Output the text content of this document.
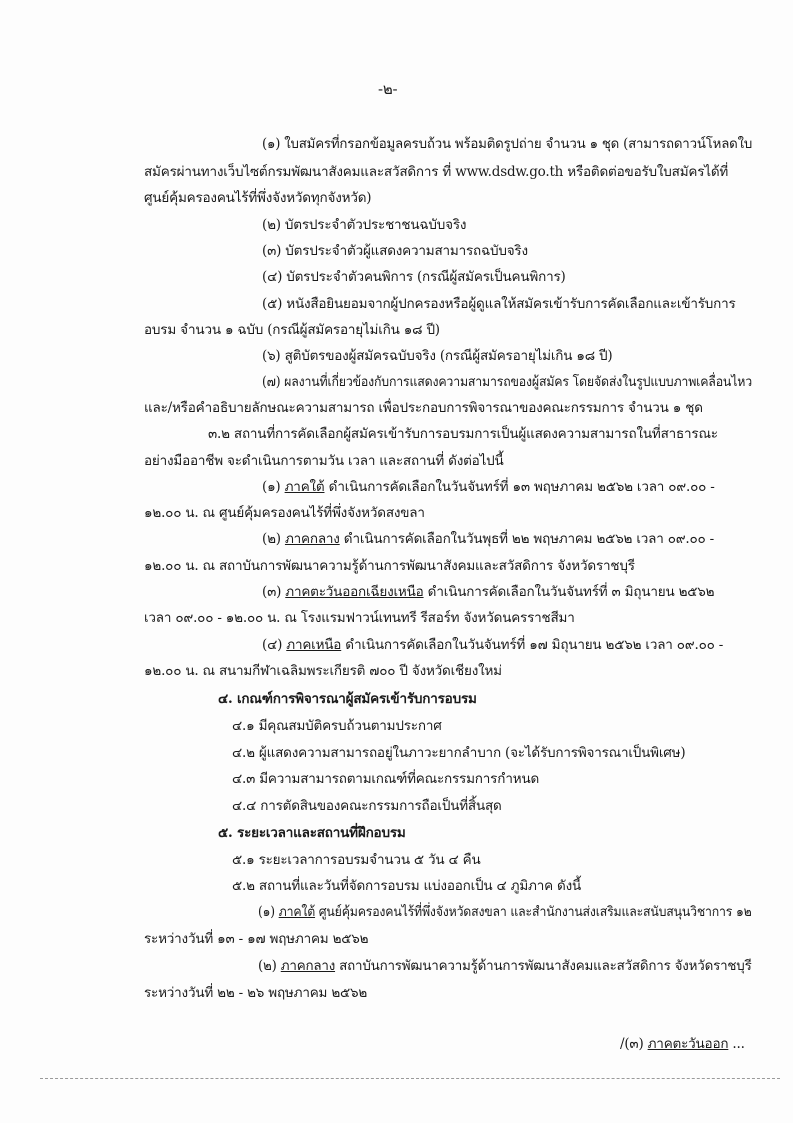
-๒-
(๑) ใบสมัครที่กรอกข้อมูลครบถ้วน พร้อมติดรูปถ่าย จำนวน ๑ ชุด (สามารถดาวน์โหลดใบ
สมัครผ่านทางเว็บไซต์กรมพัฒนาสังคมและสวัสดิการ ที่ www.dsdw.go.th หรือติดต่อขอรับใบสมัครได้ที่
ศูนย์คุ้มครองคนไร้ที่พึ่งจังหวัดทุกจังหวัด)
(๒) บัตรประจำตัวประชาชนฉบับจริง
(๓) บัตรประจำตัวผู้แสดงความสามารถฉบับจริง
(๔) บัตรประจำตัวคนพิการ (กรณีผู้สมัครเป็นคนพิการ)
(๕) หนังสือยินยอมจากผู้ปกครองหรือผู้ดูแลให้สมัครเข้ารับการคัดเลือกและเข้ารับการ
อบรม จำนวน ๑ ฉบับ (กรณีผู้สมัครอายุไม่เกิน ๑๘ ปี)
(๖) สูติบัตรของผู้สมัครฉบับจริง (กรณีผู้สมัครอายุไม่เกิน ๑๘ ปี)
(๗) ผลงานที่เกี่ยวข้องกับการแสดงความสามารถของผู้สมัคร โดยจัดส่งในรูปแบบภาพเคลื่อนไหว
และ/หรือคำอธิบายลักษณะความสามารถ เพื่อประกอบการพิจารณาของคณะกรรมการ จำนวน ๑ ชุด
๓.๒ สถานที่การคัดเลือกผู้สมัครเข้ารับการอบรมการเป็นผู้แสดงความสามารถในที่สาธารณะ
อย่างมืออาชีพ จะดำเนินการตามวัน เวลา และสถานที่ ดังต่อไปนี้
(๑) ภาคใต้ ดำเนินการคัดเลือกในวันจันทร์ที่ ๑๓ พฤษภาคม ๒๕๖๒ เวลา ๐๙.๐๐ -
๑๒.๐๐ น. ณ ศูนย์คุ้มครองคนไร้ที่พึ่งจังหวัดสงขลา
(๒) ภาคกลาง ดำเนินการคัดเลือกในวันพุธที่ ๒๒ พฤษภาคม ๒๕๖๒ เวลา ๐๙.๐๐ -
๑๒.๐๐ น. ณ สถาบันการพัฒนาความรู้ด้านการพัฒนาสังคมและสวัสดิการ จังหวัดราชบุรี
(๓) ภาคตะวันออกเฉียงเหนือ ดำเนินการคัดเลือกในวันจันทร์ที่ ๓ มิถุนายน ๒๕๖๒
เวลา ๐๙.๐๐ - ๑๒.๐๐ น. ณ โรงแรมฟาวน์เทนทรี รีสอร์ท จังหวัดนครราชสีมา
(๔) ภาคเหนือ ดำเนินการคัดเลือกในวันจันทร์ที่ ๑๗ มิถุนายน ๒๕๖๒ เวลา ๐๙.๐๐ -
๑๒.๐๐ น. ณ สนามกีฬาเฉลิมพระเกียรติ ๗๐๐ ปี จังหวัดเชียงใหม่
๔. เกณฑ์การพิจารณาผู้สมัครเข้ารับการอบรม
๔.๑ มีคุณสมบัติครบถ้วนตามประกาศ
๔.๒ ผู้แสดงความสามารถอยู่ในภาวะยากลำบาก (จะได้รับการพิจารณาเป็นพิเศษ)
๔.๓ มีความสามารถตามเกณฑ์ที่คณะกรรมการกำหนด
๔.๔ การตัดสินของคณะกรรมการถือเป็นที่สิ้นสุด
๕. ระยะเวลาและสถานที่ฝึกอบรม
๕.๑ ระยะเวลาการอบรมจำนวน ๕ วัน ๔ คืน
๕.๒ สถานที่และวันที่จัดการอบรม แบ่งออกเป็น ๔ ภูมิภาค ดังนี้
(๑) ภาคใต้ ศูนย์คุ้มครองคนไร้ที่พึ่งจังหวัดสงขลา และสำนักงานส่งเสริมและสนับสนุนวิชาการ ๑๒
ระหว่างวันที่ ๑๓ - ๑๗ พฤษภาคม ๒๕๖๒
(๒) ภาคกลาง สถาบันการพัฒนาความรู้ด้านการพัฒนาสังคมและสวัสดิการ จังหวัดราชบุรี
ระหว่างวันที่ ๒๒ - ๒๖ พฤษภาคม ๒๕๖๒
/(๓) ภาคตะวันออก ...
